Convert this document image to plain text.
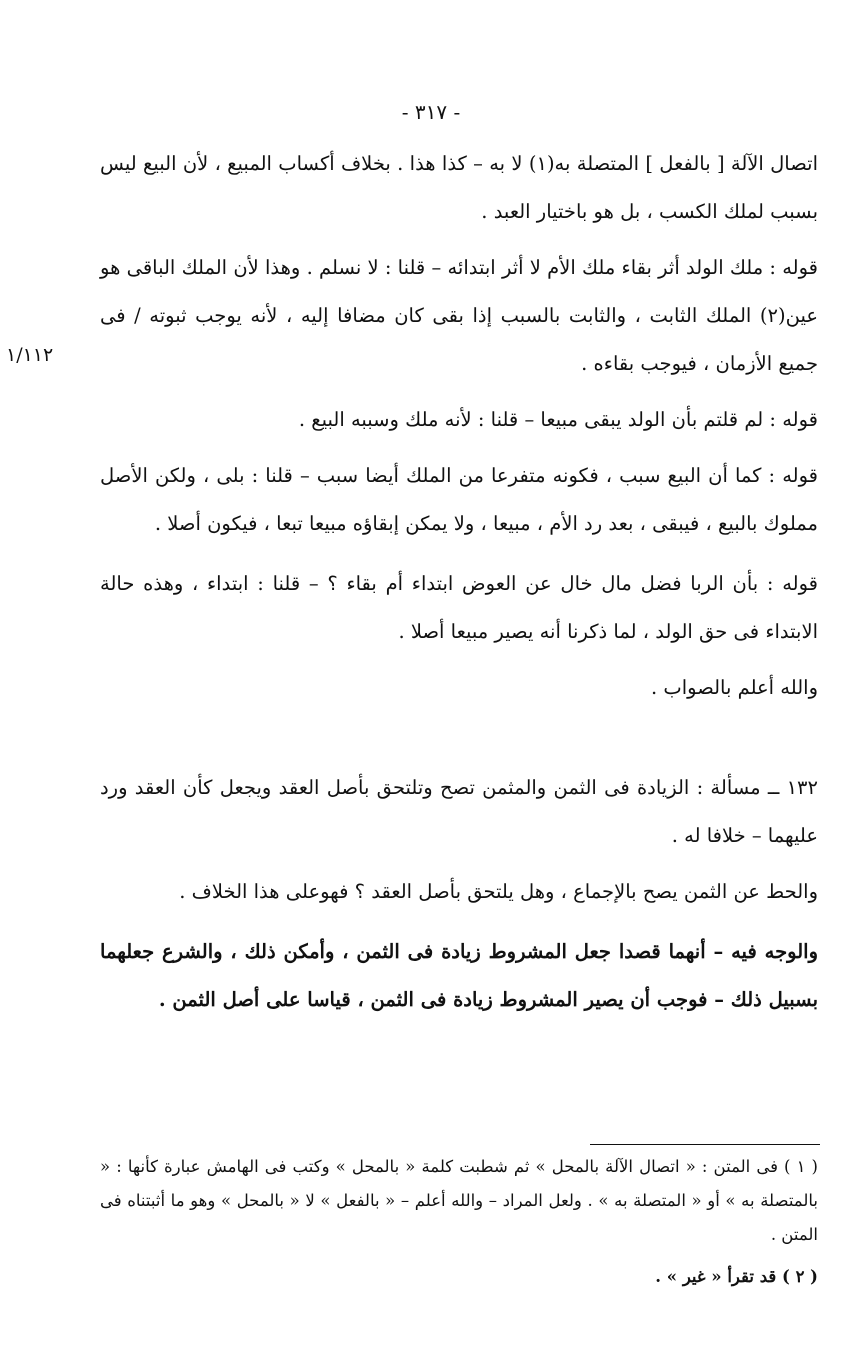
- ٣١٧ -
١/١١٢

اتصال الآلة [ بالفعل ] المتصلة به(١) لا به – كذا هذا . بخلاف أكساب المبيع ، لأن البيع ليس بسبب لملك الكسب ، بل هو باختيار العبد .

قوله : ملك الولد أثر بقاء ملك الأم لا أثر ابتدائه – قلنا : لا نسلم . وهذا لأن الملك الباقى هو عين(٢) الملك الثابت ، والثابت بالسبب إذا بقى كان مضافا إليه ، لأنه يوجب ثبوته / فى جميع الأزمان ، فيوجب بقاءه .

قوله : لم قلتم بأن الولد يبقى مبيعا – قلنا : لأنه ملك وسببه البيع .

قوله : كما أن البيع سبب ، فكونه متفرعا من الملك أيضا سبب – قلنا : بلى ، ولكن الأصل مملوك بالبيع ، فيبقى ، بعد رد الأم ، مبيعا ، ولا يمكن إبقاؤه مبيعا تبعا ، فيكون أصلا .

قوله : بأن الربا فضل مال خال عن العوض ابتداء أم بقاء ؟ – قلنا : ابتداء ، وهذه حالة الابتداء فى حق الولد ، لما ذكرنا أنه يصير مبيعا أصلا .

والله أعلم بالصواب .

١٣٢ ــ مسألة : الزيادة فى الثمن والمثمن تصح وتلتحق بأصل العقد ويجعل كأن العقد ورد عليهما – خلافا له .

والحط عن الثمن يصح بالإجماع ، وهل يلتحق بأصل العقد ؟ فهوعلى هذا الخلاف .

والوجه فيه – أنهما قصدا جعل المشروط زيادة فى الثمن ، وأمكن ذلك ، والشرع جعلهما بسبيل ذلك – فوجب أن يصير المشروط زيادة فى الثمن ، قياسا على أصل الثمن .

( ١ ) فى المتن : « اتصال الآلة بالمحل » ثم شطبت كلمة « بالمحل » وكتب فى الهامش عبارة كأنها : « بالمتصلة به » أو « المتصلة به » . ولعل المراد – والله أعلم – « بالفعل » لا « بالمحل » وهو ما أثبتناه فى المتن .

( ٢ ) قد تقرأ « غير » .
